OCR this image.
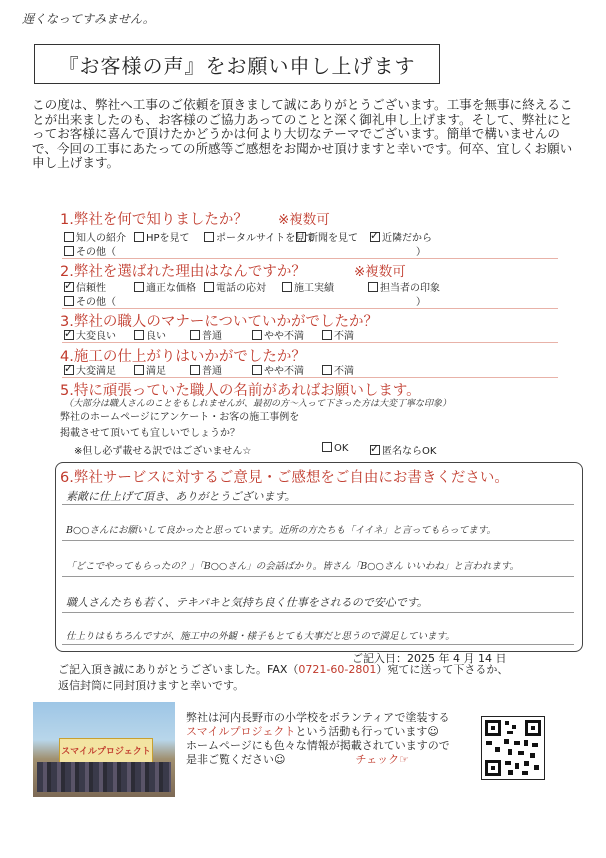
遅くなってすみません。
『お客様の声』をお願い申し上げます
この度は、弊社へ工事のご依頼を頂きまして誠にありがとうございます。工事を無事に終えることが出来ましたのも、お客様のご協力あってのことと深く御礼申し上げます。そして、弊社にとってお客様に喜んで頂けたかどうかは何より大切なテーマでございます。簡単で構いませんので、今回の工事にあたっての所感等ご感想をお聞かせ頂けますと幸いです。何卒、宜しくお願い申し上げます。
1.弊社を何で知りましたか？ ※複数可
知人の紹介	HPを見て	ポータルサイトを見て
新聞を見て ✓ 近隣だから
その他（	）
2.弊社を選ばれた理由はなんですか？	※複数可
✓ 信頼性	適正な価格	電話の応対	施工実績	担当者の印象
その他（	）
3.弊社の職人のマナーについていかがでしたか？
✓ 大変良い	良い	普通	やや不満	不満
4.施工の仕上がりはいかがでしたか？
✓ 大変満足	満足	普通	やや不満	不満
5.特に頑張っていた職人の名前があればお願いします。
（大部分は職人さんのことをもしれませんが、最初の方～入って下さった方は大変丁寧な印象）
弊社のホームページにアンケート・お客の施工事例を
掲載させて頂いても宜しいでしょうか？
※但し必ず載せる訳ではございません☆	OK ✓ 匿名ならOK
6.弊社サービスに対するご意見・ご感想をご自由にお書きください。
素敵に仕上げて頂き、ありがとうございます。
B○○さんにお願いして良かったと思っています。近所の方たちも「イイネ」と言ってもらってます。
「どこでやってもらったの？」「B○○さん」の会話ばかり。皆さん「B○○さん いいわね」と言われます。
職人さんたちも若く、テキパキと気持ち良く仕事をされるので安心です。
仕上りはもちろんですが、施工中の外観・様子もとても大事だと思うので満足しています。
ご記入日：2025 年 4 月 14 日
ご記入頂き誠にありがとうございました。FAX（0721-60-2801）宛てに送って下さるか、
返信封筒に同封頂けますと幸いです。
スマイルプロジェクト
弊社は河内長野市の小学校をボランティアで塗装する
スマイルプロジェクトという活動も行っています☺
ホームページにも色々な情報が掲載されていますので
是非ご覧ください☺	チェック☞
